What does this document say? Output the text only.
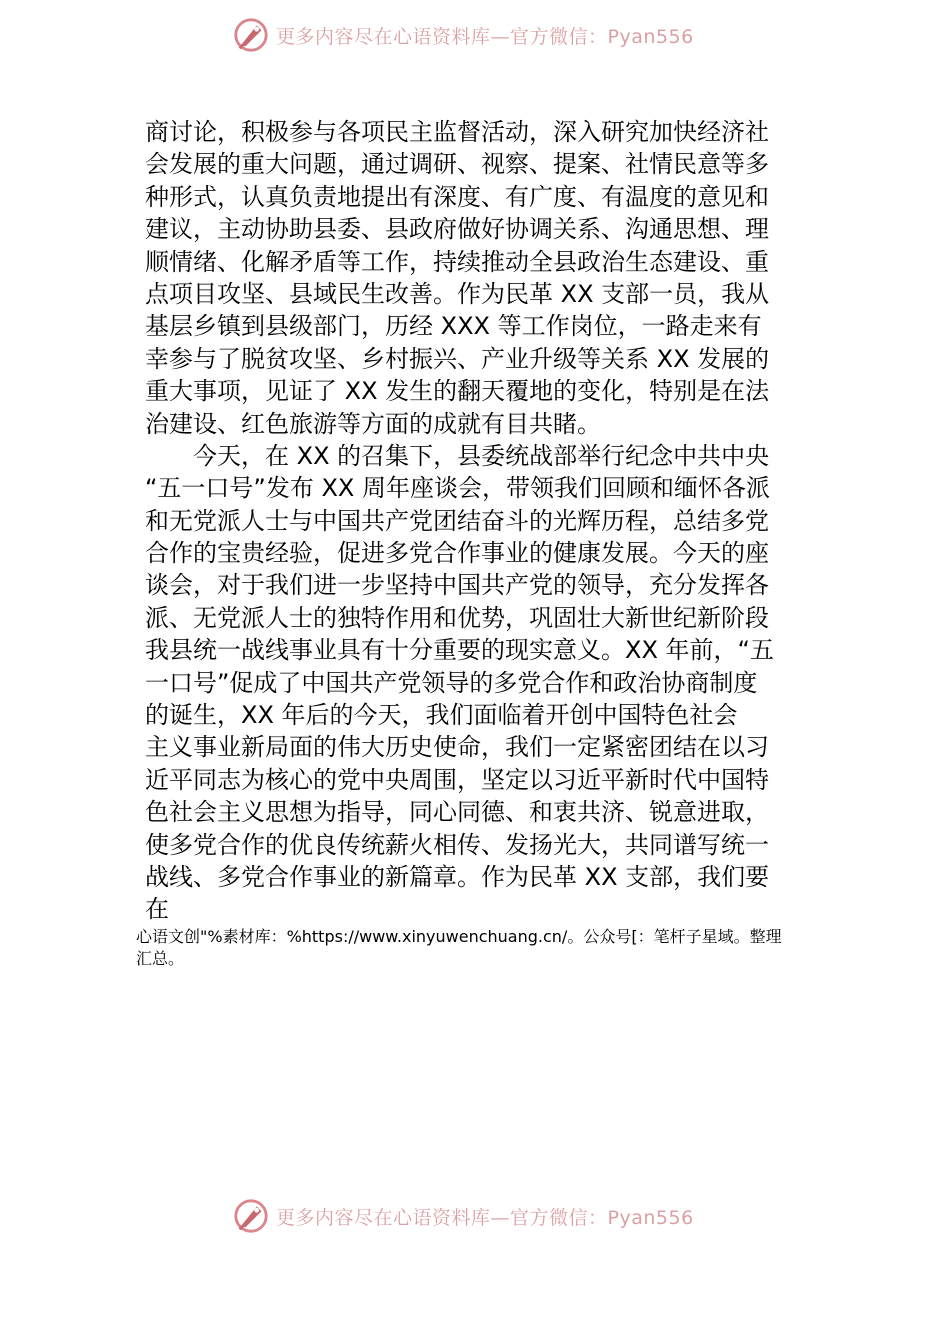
更多内容尽在心语资料库—官方微信：Pyan556
商讨论，积极参与各项民主监督活动，深入研究加快经济社
会发展的重大问题，通过调研、视察、提案、社情民意等多
种形式，认真负责地提出有深度、有广度、有温度的意见和
建议，主动协助县委、县政府做好协调关系、沟通思想、理
顺情绪、化解矛盾等工作，持续推动全县政治生态建设、重
点项目攻坚、县域民生改善。作为民革 XX 支部一员，我从
基层乡镇到县级部门，历经 XXX 等工作岗位，一路走来有
幸参与了脱贫攻坚、乡村振兴、产业升级等关系 XX 发展的
重大事项，见证了 XX 发生的翻天覆地的变化，特别是在法
治建设、红色旅游等方面的成就有目共睹。
　　今天，在 XX 的召集下，县委统战部举行纪念中共中央
“五一口号”发布 XX 周年座谈会，带领我们回顾和缅怀各派
和无党派人士与中国共产党团结奋斗的光辉历程，总结多党
合作的宝贵经验，促进多党合作事业的健康发展。今天的座
谈会，对于我们进一步坚持中国共产党的领导，充分发挥各
派、无党派人士的独特作用和优势，巩固壮大新世纪新阶段
我县统一战线事业具有十分重要的现实意义。XX 年前，“五
一口号”促成了中国共产党领导的多党合作和政治协商制度
的诞生，XX 年后的今天，我们面临着开创中国特色社会
主义事业新局面的伟大历史使命，我们一定紧密团结在以习
近平同志为核心的党中央周围，坚定以习近平新时代中国特
色社会主义思想为指导，同心同德、和衷共济、锐意进取，
使多党合作的优良传统薪火相传、发扬光大，共同谱写统一
战线、多党合作事业的新篇章。作为民革 XX 支部，我们要
在
心语文创"%素材库：%https://www.xinyuwenchuang.cn/。公众号[：笔杆子星域。整理
汇总。
更多内容尽在心语资料库—官方微信：Pyan556
